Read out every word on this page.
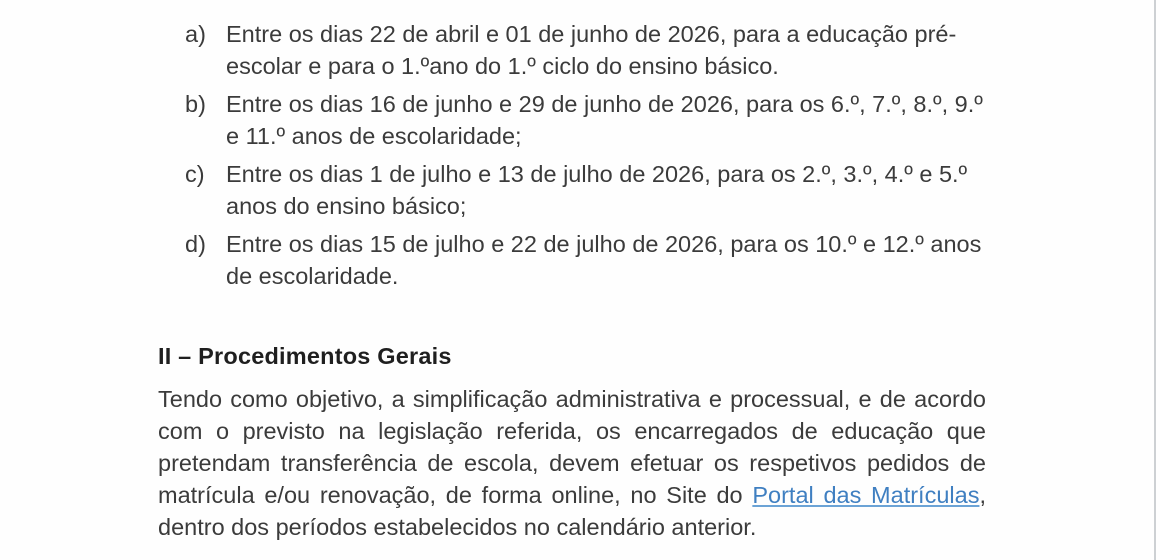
a) Entre os dias 22 de abril e 01 de junho de 2026, para a educação pré-escolar e para o 1.ºano do 1.º ciclo do ensino básico.
b) Entre os dias 16 de junho e 29 de junho de 2026, para os 6.º, 7.º, 8.º, 9.º e 11.º anos de escolaridade;
c) Entre os dias 1 de julho e 13 de julho de 2026, para os 2.º, 3.º, 4.º e 5.º anos do ensino básico;
d) Entre os dias 15 de julho e 22 de julho de 2026, para os 10.º e 12.º anos de escolaridade.
II – Procedimentos Gerais
Tendo como objetivo, a simplificação administrativa e processual, e de acordo com o previsto na legislação referida, os encarregados de educação que pretendam transferência de escola, devem efetuar os respetivos pedidos de matrícula e/ou renovação, de forma online, no Site do Portal das Matrículas, dentro dos períodos estabelecidos no calendário anterior.
